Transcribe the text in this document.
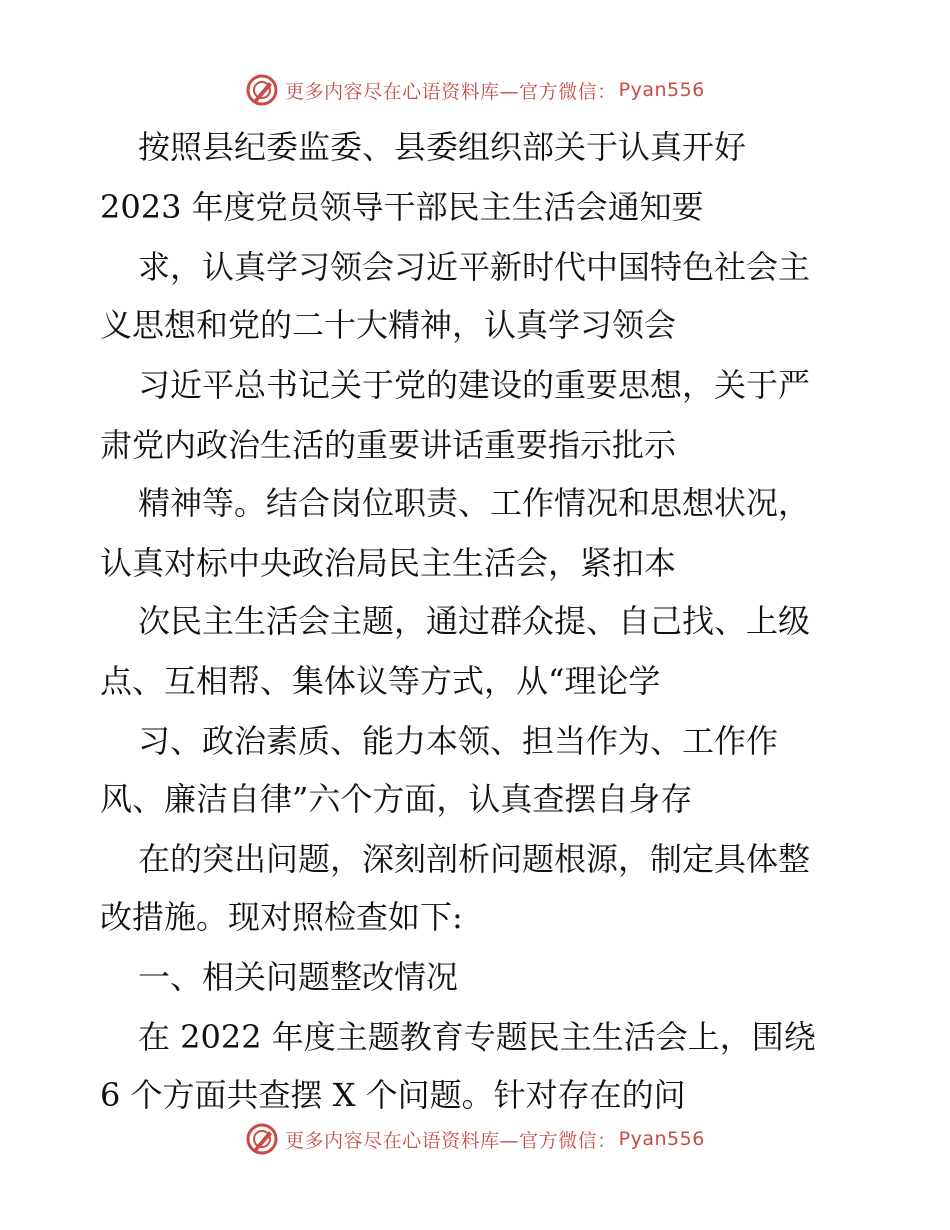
更多内容尽在心语资料库—官方微信： Pyan556
按照县纪委监委、县委组织部关于认真开好
2023 年度党员领导干部民主生活会通知要
求，认真学习领会习近平新时代中国特色社会主
义思想和党的二十大精神，认真学习领会
习近平总书记关于党的建设的重要思想，关于严
肃党内政治生活的重要讲话重要指示批示
精神等。结合岗位职责、工作情况和思想状况，
认真对标中央政治局民主生活会，紧扣本
次民主生活会主题，通过群众提、自己找、上级
点、互相帮、集体议等方式，从“理论学
习、政治素质、能力本领、担当作为、工作作
风、廉洁自律”六个方面，认真查摆自身存
在的突出问题，深刻剖析问题根源，制定具体整
改措施。现对照检查如下:
一、相关问题整改情况
在 2022 年度主题教育专题民主生活会上，围绕
6 个方面共查摆 X 个问题。针对存在的问
更多内容尽在心语资料库—官方微信： Pyan556
